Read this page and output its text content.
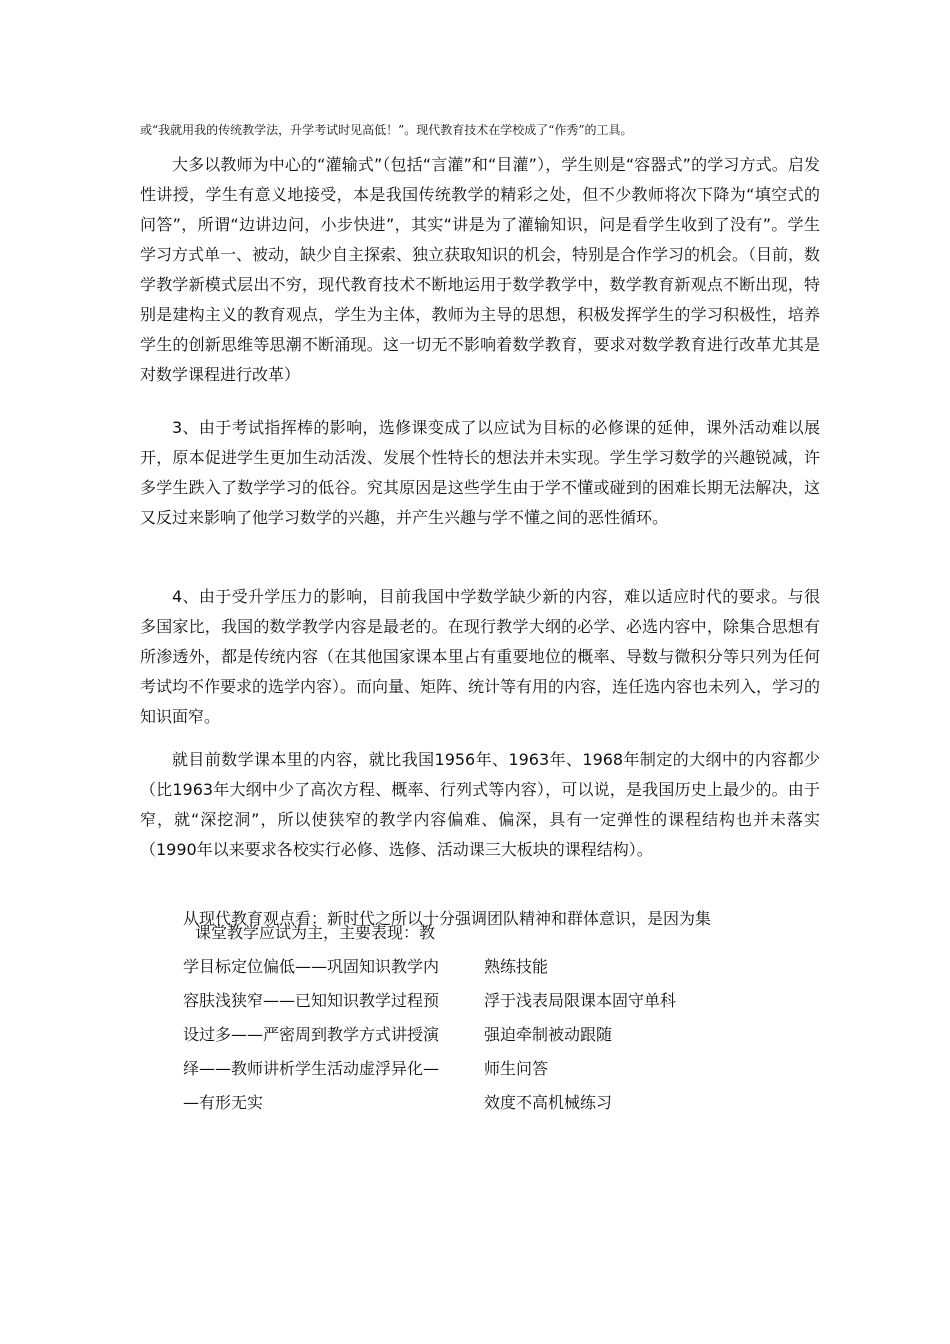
或“我就用我的传统教学法，升学考试时见高低！”。现代教育技术在学校成了“作秀”的工具。

大多以教师为中心的“灌输式”（包括“言灌”和“目灌”），学生则是“容器式”的学习方式。启发性讲授，学生有意义地接受，本是我国传统教学的精彩之处，但不少教师将次下降为“填空式的问答”，所谓“边讲边问，小步快进”，其实“讲是为了灌输知识，问是看学生收到了没有”。学生学习方式单一、被动，缺少自主探索、独立获取知识的机会，特别是合作学习的机会。（目前，数学教学新模式层出不穷，现代教育技术不断地运用于数学教学中，数学教育新观点不断出现，特别是建构主义的教育观点，学生为主体，教师为主导的思想，积极发挥学生的学习积极性，培养学生的创新思维等思潮不断涌现。这一切无不影响着数学教育，要求对数学教育进行改革尤其是对数学课程进行改革）

3、由于考试指挥棒的影响，选修课变成了以应试为目标的必修课的延伸，课外活动难以展开，原本促进学生更加生动活泼、发展个性特长的想法并未实现。学生学习数学的兴趣锐减，许多学生跌入了数学学习的低谷。究其原因是这些学生由于学不懂或碰到的困难长期无法解决，这又反过来影响了他学习数学的兴趣，并产生兴趣与学不懂之间的恶性循环。

4、由于受升学压力的影响，目前我国中学数学缺少新的内容，难以适应时代的要求。与很多国家比，我国的数学教学内容是最老的。在现行教学大纲的必学、必选内容中，除集合思想有所渗透外，都是传统内容（在其他国家课本里占有重要地位的概率、导数与微积分等只列为任何考试均不作要求的选学内容）。而向量、矩阵、统计等有用的内容，连任选内容也未列入，学习的知识面窄。

就目前数学课本里的内容，就比我国1956年、1963年、1968年制定的大纲中的内容都少（比1963年大纲中少了高次方程、概率、行列式等内容），可以说，是我国历史上最少的。由于窄，就“深挖洞”，所以使狭窄的教学内容偏难、偏深，具有一定弹性的课程结构也并未落实（1990年以来要求各校实行必修、选修、活动课三大板块的课程结构）。

从现代教育观点看：新时代之所以十分强调团队精神和群体意识，是因为集
课堂教学应试为主，主要表现：教
学目标定位偏低——巩固知识教学内
容肤浅狭窄——已知知识教学过程预
设过多——严密周到教学方式讲授演
绎——教师讲析学生活动虚浮异化—
—有形无实
熟练技能
浮于浅表局限课本固守单科
强迫牵制被动跟随
师生问答
效度不高机械练习
